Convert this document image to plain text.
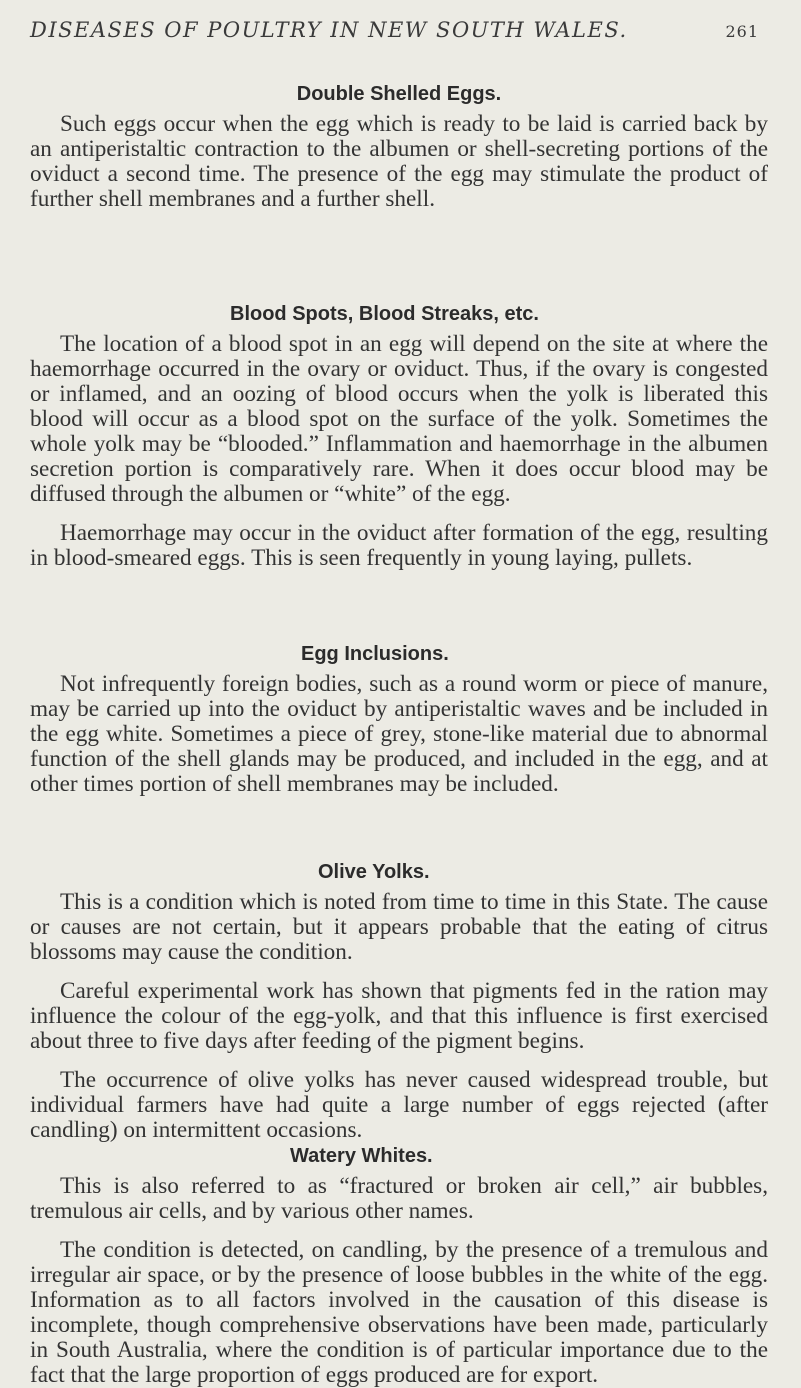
DISEASES OF POULTRY IN NEW SOUTH WALES.	261
Double Shelled Eggs.

Such eggs occur when the egg which is ready to be laid is carried back by an antiperistaltic contraction to the albumen or shell-secreting portions of the oviduct a second time. The presence of the egg may stimulate the product of further shell membranes and a further shell.

Blood Spots, Blood Streaks, etc.

The location of a blood spot in an egg will depend on the site at where the haemorrhage occurred in the ovary or oviduct. Thus, if the ovary is congested or inflamed, and an oozing of blood occurs when the yolk is liberated this blood will occur as a blood spot on the surface of the yolk. Sometimes the whole yolk may be “blooded.” Inflammation and haemorrhage in the albumen secretion portion is comparatively rare. When it does occur blood may be diffused through the albumen or “white” of the egg.

Haemorrhage may occur in the oviduct after formation of the egg, resulting in blood-smeared eggs. This is seen frequently in young laying, pullets.

Egg Inclusions.

Not infrequently foreign bodies, such as a round worm or piece of manure, may be carried up into the oviduct by antiperistaltic waves and be included in the egg white. Sometimes a piece of grey, stone-like material due to abnormal function of the shell glands may be produced, and included in the egg, and at other times portion of shell membranes may be included.

Olive Yolks.

This is a condition which is noted from time to time in this State. The cause or causes are not certain, but it appears probable that the eating of citrus blossoms may cause the condition.

Careful experimental work has shown that pigments fed in the ration may influence the colour of the egg-yolk, and that this influence is first exercised about three to five days after feeding of the pigment begins.

The occurrence of olive yolks has never caused widespread trouble, but individual farmers have had quite a large number of eggs rejected (after candling) on intermittent occasions.

Watery Whites.

This is also referred to as “fractured or broken air cell,” air bubbles, tremulous air cells, and by various other names.

The condition is detected, on candling, by the presence of a tremulous and irregular air space, or by the presence of loose bubbles in the white of the egg. Information as to all factors involved in the causation of this disease is incomplete, though comprehensive observations have been made, particularly in South Australia, where the condition is of particular importance due to the fact that the large proportion of eggs produced are for export.
